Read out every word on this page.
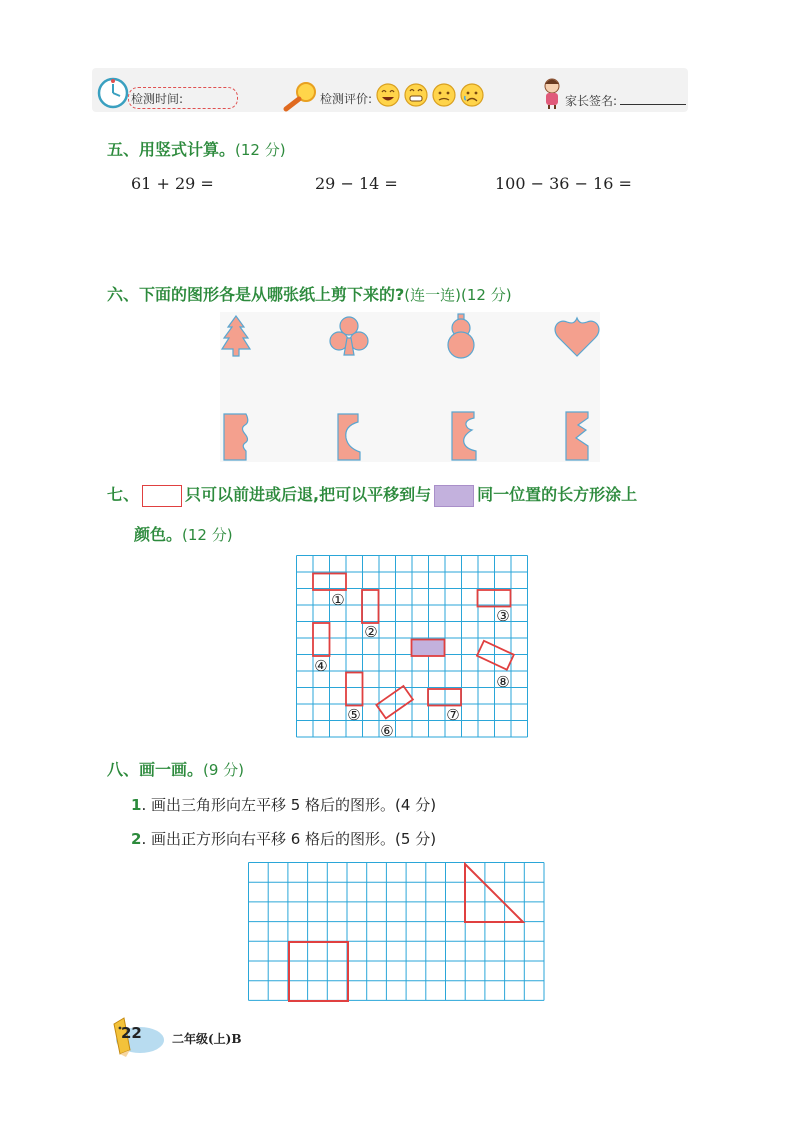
检测时间:	检测评价:	家长签名:
五、用竖式计算。(12 分)
61 + 29 =	29 − 14 =	100 − 36 − 16 =
六、下面的图形各是从哪张纸上剪下来的?(连一连)(12 分)
七、	只可以前进或后退,把可以平移到与	同一位置的长方形涂上
颜色。(12 分)
①
②
③
④
⑤
⑥
⑦
⑧
八、画一画。(9 分)
1. 画出三角形向左平移 5 格后的图形。(4 分)
2. 画出正方形向右平移 6 格后的图形。(5 分)
22	二年级(上)B
